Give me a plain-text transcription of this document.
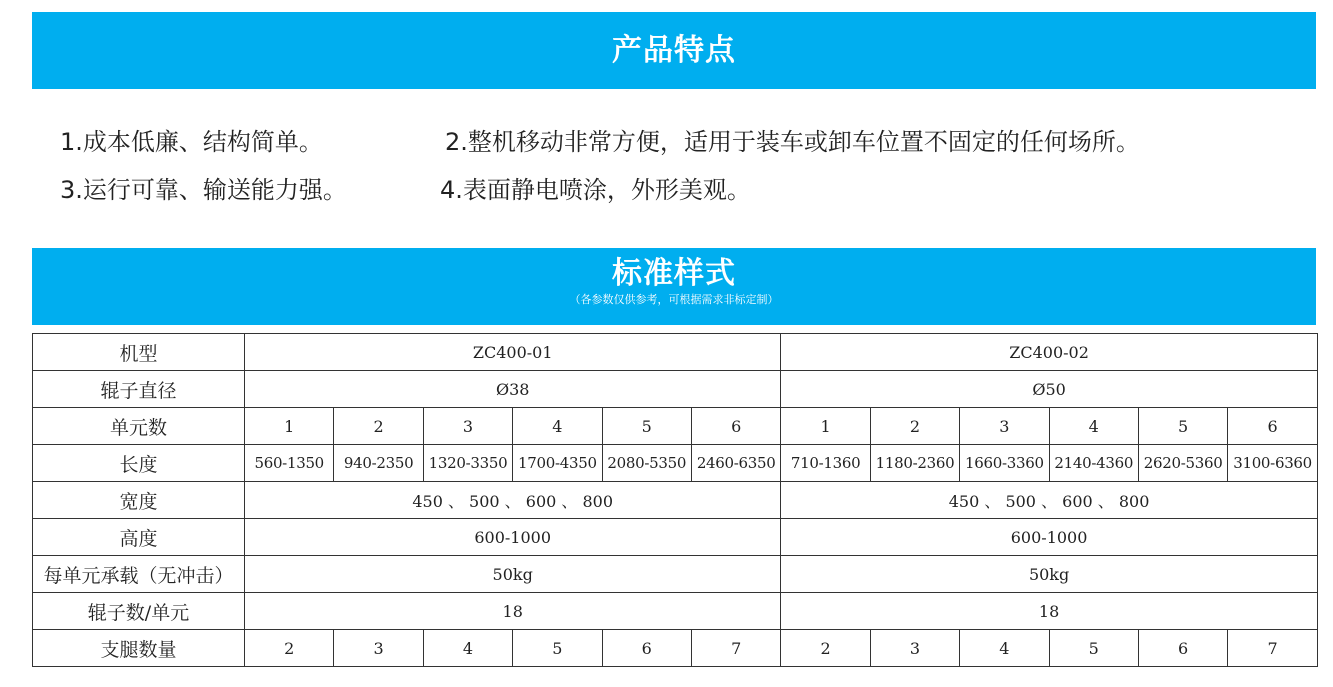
产品特点
1.成本低廉、结构简单。	2.整机移动非常方便，适用于装车或卸车位置不固定的任何场所。
3.运行可靠、输送能力强。	4.表面静电喷涂，外形美观。
标准样式
（各参数仅供参考，可根据需求非标定制）
机型	ZC400-01						ZC400-02					
辊子直径	Ø38						Ø50					
单元数	1	2	3	4	5	6	1	2	3	4	5	6
长度	560-1350	940-2350	1320-3350	1700-4350	2080-5350	2460-6350	710-1360	1180-2360	1660-3360	2140-4360	2620-5360	3100-6360
宽度	450 、 500 、 600 、 800						450 、 500 、 600 、 800					
高度	600-1000						600-1000					
每单元承载（无冲击）	50kg						50kg					
辊子数/单元	18						18					
支腿数量	2	3	4	5	6	7	2	3	4	5	6	7
